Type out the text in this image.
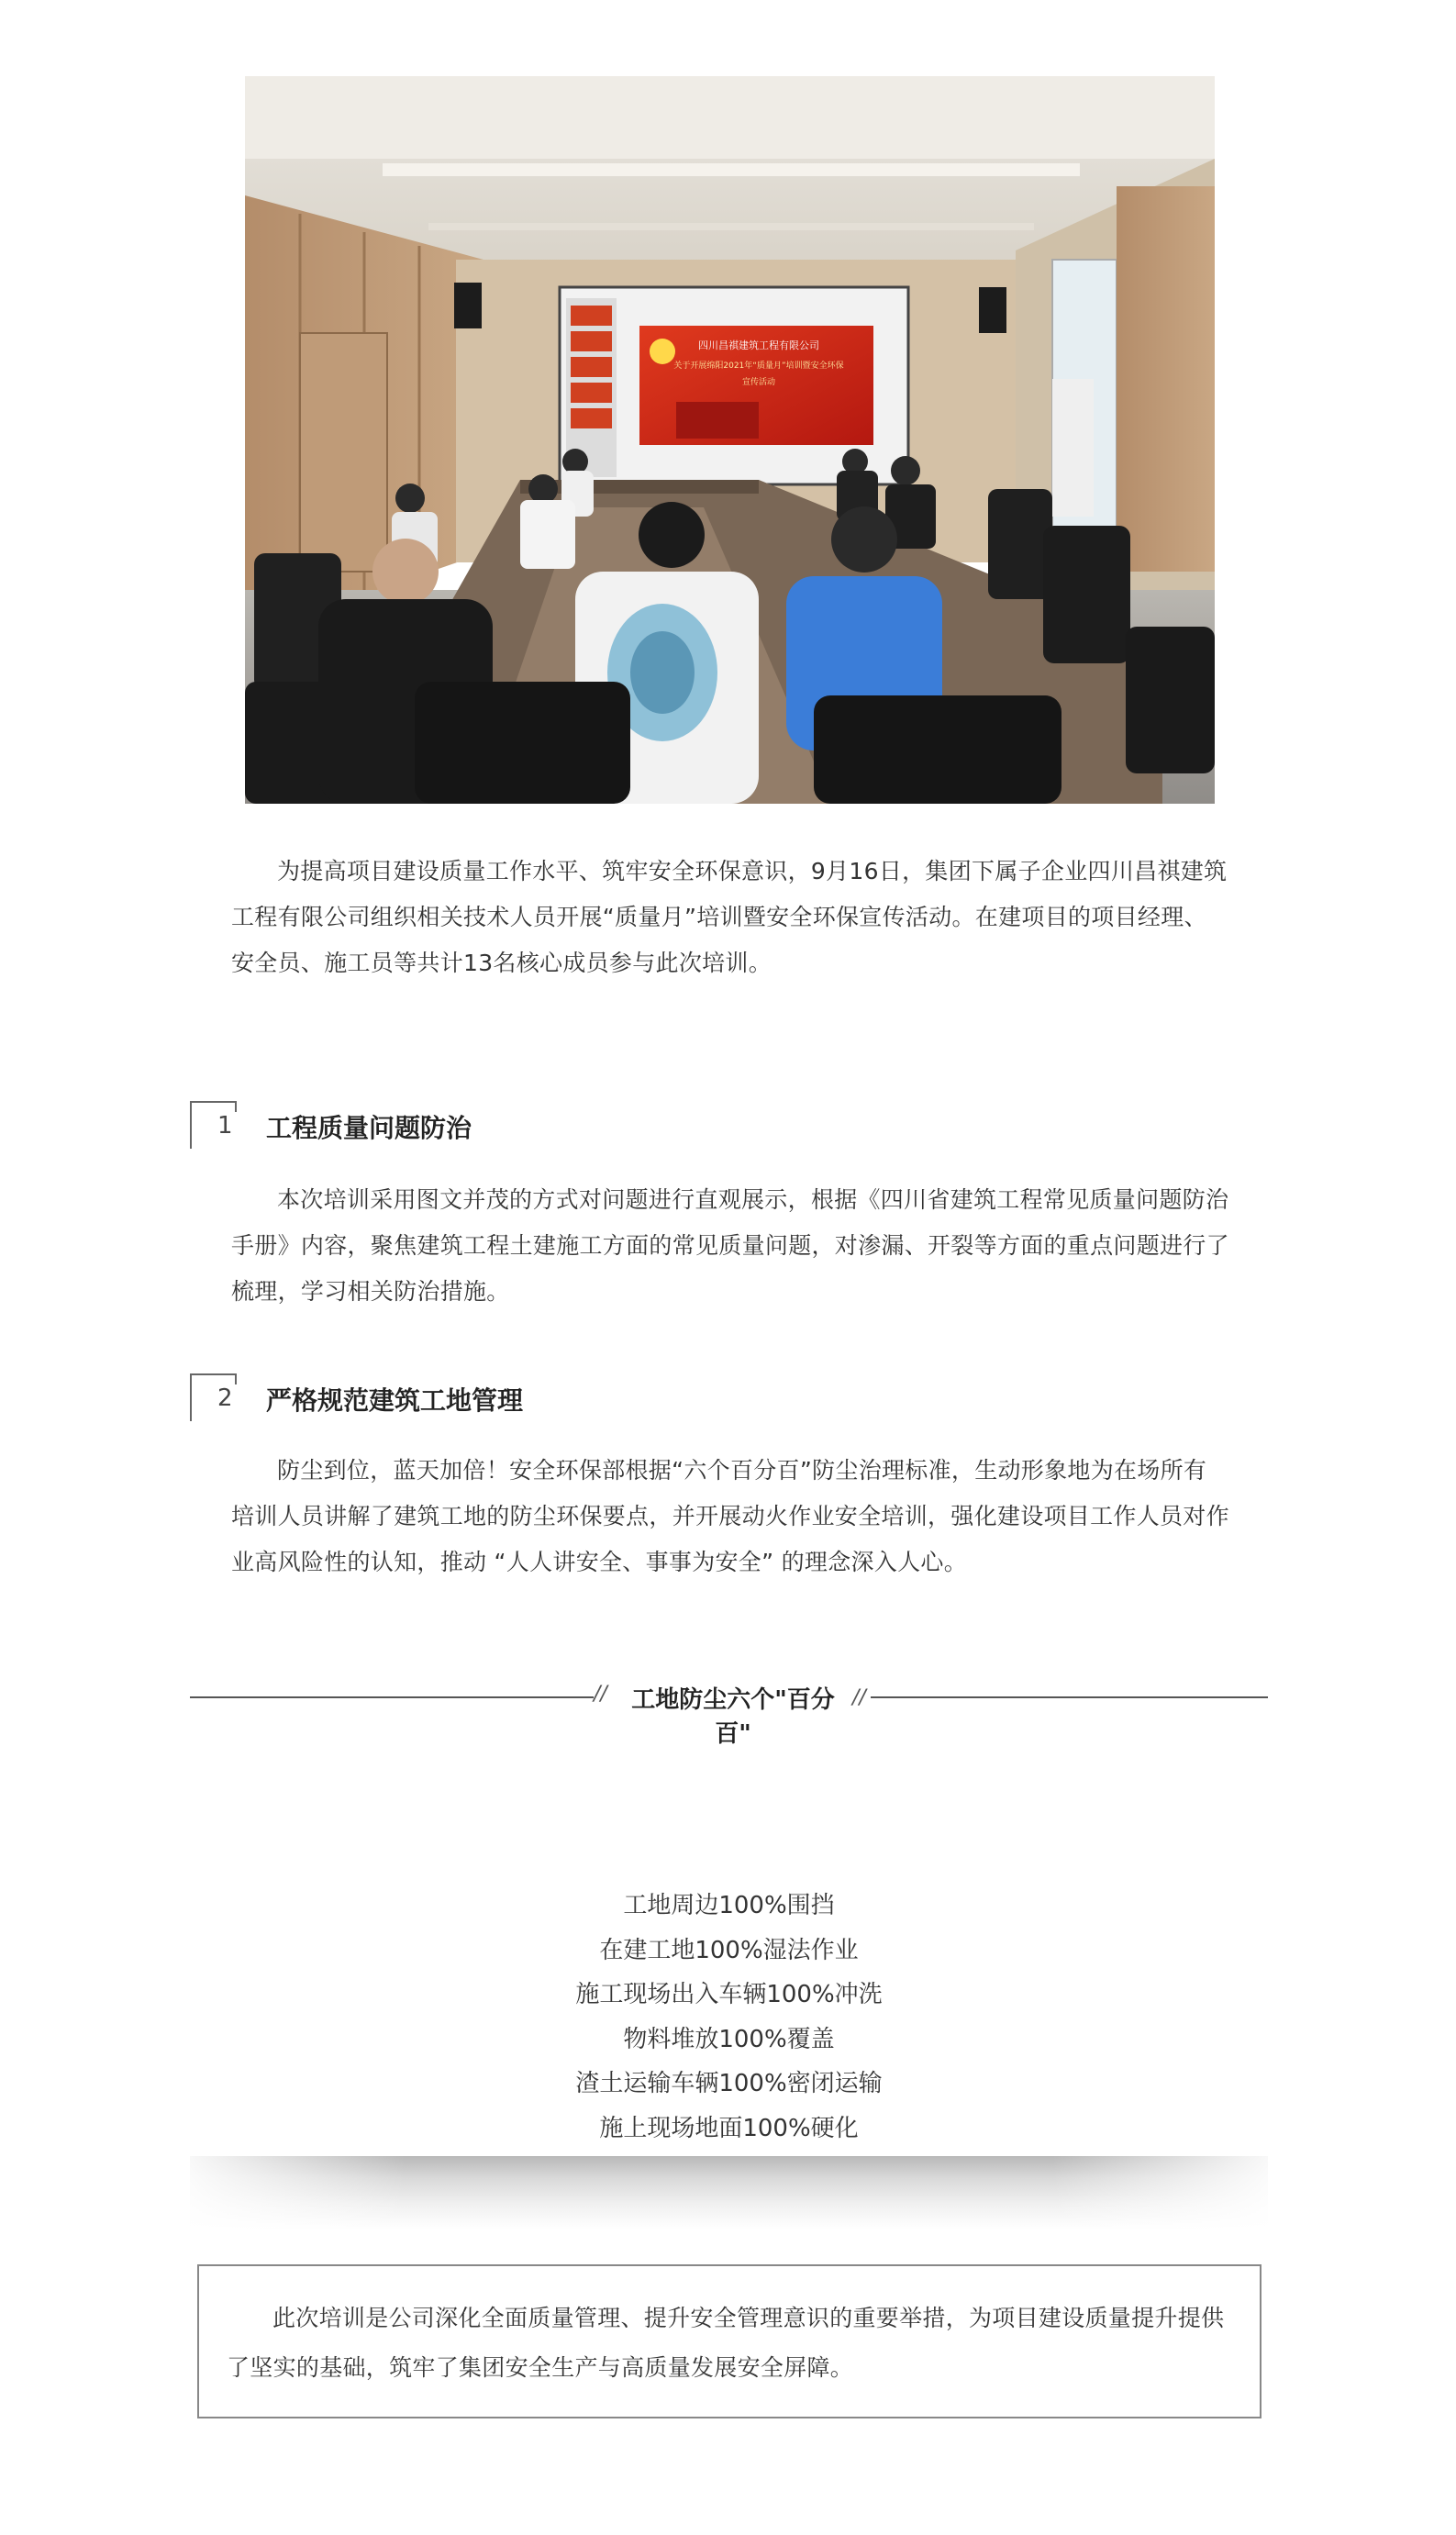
四川昌祺建筑工程有限公司
关于开展绵阳2021年“质量月”培训暨安全环保
宣传活动

为提高项目建设质量工作水平、筑牢安全环保意识，9月16日，集团下属子企业四川昌祺建筑工程有限公司组织相关技术人员开展“质量月”培训暨安全环保宣传活动。在建项目的项目经理、安全员、施工员等共计13名核心成员参与此次培训。

1 工程质量问题防治

本次培训采用图文并茂的方式对问题进行直观展示，根据《四川省建筑工程常见质量问题防治手册》内容，聚焦建筑工程土建施工方面的常见质量问题，对渗漏、开裂等方面的重点问题进行了梳理，学习相关防治措施。

2 严格规范建筑工地管理

防尘到位，蓝天加倍！安全环保部根据“六个百分百”防尘治理标准，生动形象地为在场所有培训人员讲解了建筑工地的防尘环保要点，并开展动火作业安全培训，强化建设项目工作人员对作业高风险性的认知，推动 “人人讲安全、事事为安全” 的理念深入人心。

//	工地防尘六个"百分百"
//
工地周边100%围挡
在建工地100%湿法作业
施工现场出入车辆100%冲洗
物料堆放100%覆盖
渣土运输车辆100%密闭运输
施上现场地面100%硬化

此次培训是公司深化全面质量管理、提升安全管理意识的重要举措，为项目建设质量提升提供了坚实的基础，筑牢了集团安全生产与高质量发展安全屏障。
